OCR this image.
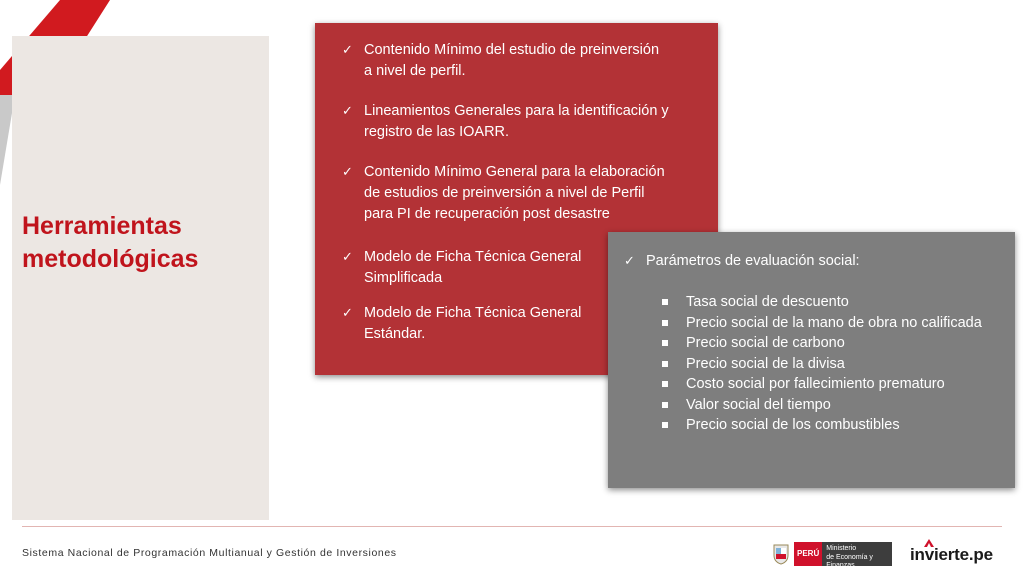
Herramientas
metodológicas
✓ Contenido Mínimo del estudio de preinversión
a nivel de perfil.
✓ Lineamientos Generales para la identificación y
registro de las IOARR.
✓ Contenido Mínimo General para la elaboración
de estudios de preinversión a nivel de Perfil
para PI de recuperación post desastre
✓ Modelo de Ficha Técnica General
Simplificada
✓ Modelo de Ficha Técnica General
Estándar.
✓ Parámetros de evaluación social:
Tasa social de descuento
Precio social de la mano de obra no calificada
Precio social de carbono
Precio social de la divisa
Costo social por fallecimiento prematuro
Valor social del tiempo
Precio social de los combustibles
Sistema Nacional de Programación Multianual y Gestión de Inversiones	PERÚ
Ministerio
de Economía y Finanzas
invierte.pe
